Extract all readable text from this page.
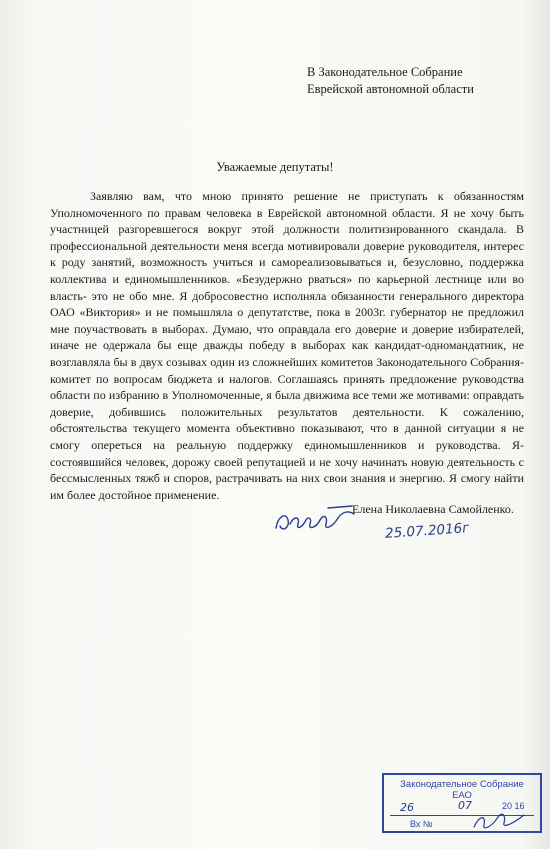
В Законодательное Собрание
Еврейской автономной области
Уважаемые депутаты!

Заявляю вам, что мною принято решение не приступать к обязанностям Уполномоченного по правам человека в Еврейской автономной области. Я не хочу быть участницей разгоревшегося вокруг этой должности политизированного скандала. В профессиональной деятельности меня всегда мотивировали доверие руководителя, интерес к роду занятий, возможность учиться и самореализовываться и, безусловно, поддержка коллектива и единомышленников. «Безудержно рваться» по карьерной лестнице или во власть- это не обо мне. Я добросовестно исполняла обязанности генерального директора ОАО «Виктория» и не помышляла о депутатстве, пока в 2003г. губернатор не предложил мне поучаствовать в выборах. Думаю, что оправдала его доверие и доверие избирателей, иначе не одержала бы еще дважды победу в выборах как кандидат-одномандатник, не возглавляла бы в двух созывах один из сложнейших комитетов Законодательного Собрания- комитет по вопросам бюджета и налогов. Соглашаясь принять предложение руководства области по избранию в Уполномоченные, я была движима все теми же мотивами: оправдать доверие, добившись положительных результатов деятельности. К сожалению, обстоятельства текущего момента объективно показывают, что в данной ситуации я не смогу опереться на реальную поддержку единомышленников и руководства. Я- состоявшийся человек, дорожу своей репутацией и не хочу начинать новую деятельность с бессмысленных тяжб и споров, растрачивать на них свои знания и энергию. Я смогу найти им более достойное применение.

Елена Николаевна Самойленко.
25.07.2016г
Законодательное Собрание
ЕАО
26	07	20 16
Вх №
